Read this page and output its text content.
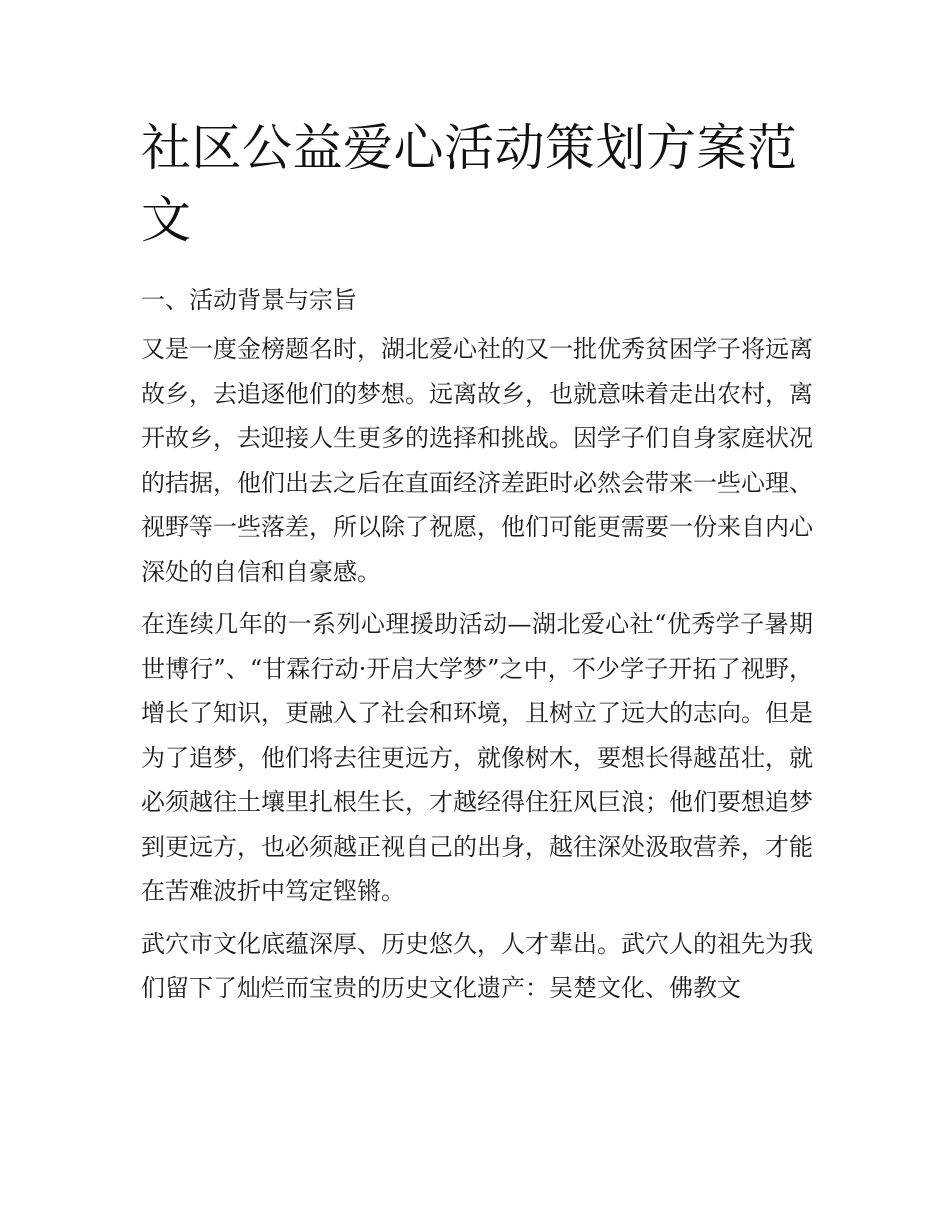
社区公益爱心活动策划方案范文
一、活动背景与宗旨

又是一度金榜题名时，湖北爱心社的又一批优秀贫困学子将远离故乡，去追逐他们的梦想。远离故乡，也就意味着走出农村，离开故乡，去迎接人生更多的选择和挑战。因学子们自身家庭状况的拮据，他们出去之后在直面经济差距时必然会带来一些心理、视野等一些落差，所以除了祝愿，他们可能更需要一份来自内心深处的自信和自豪感。

在连续几年的一系列心理援助活动—湖北爱心社“优秀学子暑期世博行”、“甘霖行动·开启大学梦”之中，不少学子开拓了视野，增长了知识，更融入了社会和环境，且树立了远大的志向。但是为了追梦，他们将去往更远方，就像树木，要想长得越茁壮，就必须越往土壤里扎根生长，才越经得住狂风巨浪；他们要想追梦到更远方，也必须越正视自己的出身，越往深处汲取营养，才能在苦难波折中笃定铿锵。

武穴市文化底蕴深厚、历史悠久，人才辈出。武穴人的祖先为我们留下了灿烂而宝贵的历史文化遗产：吴楚文化、佛教文
